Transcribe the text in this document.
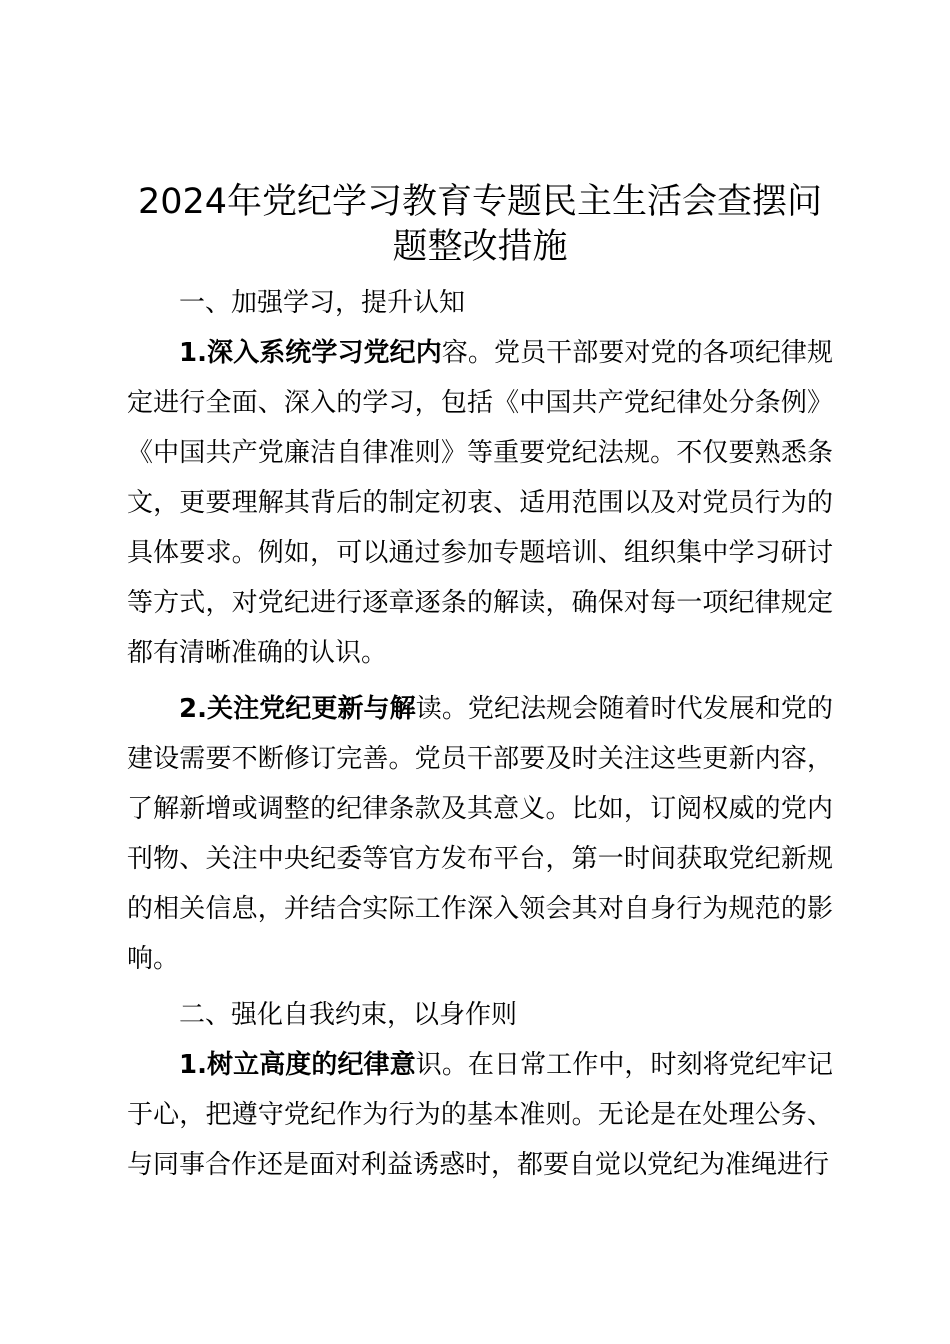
2024年党纪学习教育专题民主生活会查摆问
题整改措施
一、加强学习，提升认知

1.深入系统学习党纪内容。党员干部要对党的各项纪律规定进行全面、深入的学习，包括《中国共产党纪律处分条例》《中国共产党廉洁自律准则》等重要党纪法规。不仅要熟悉条文，更要理解其背后的制定初衷、适用范围以及对党员行为的具体要求。例如，可以通过参加专题培训、组织集中学习研讨等方式，对党纪进行逐章逐条的解读，确保对每一项纪律规定都有清晰准确的认识。

2.关注党纪更新与解读。党纪法规会随着时代发展和党的建设需要不断修订完善。党员干部要及时关注这些更新内容，了解新增或调整的纪律条款及其意义。比如，订阅权威的党内刊物、关注中央纪委等官方发布平台，第一时间获取党纪新规的相关信息，并结合实际工作深入领会其对自身行为规范的影响。

二、强化自我约束，以身作则

1.树立高度的纪律意识。在日常工作中，时刻将党纪牢记于心，把遵守党纪作为行为的基本准则。无论是在处理公务、与同事合作还是面对利益诱惑时，都要自觉以党纪为准绳进行
